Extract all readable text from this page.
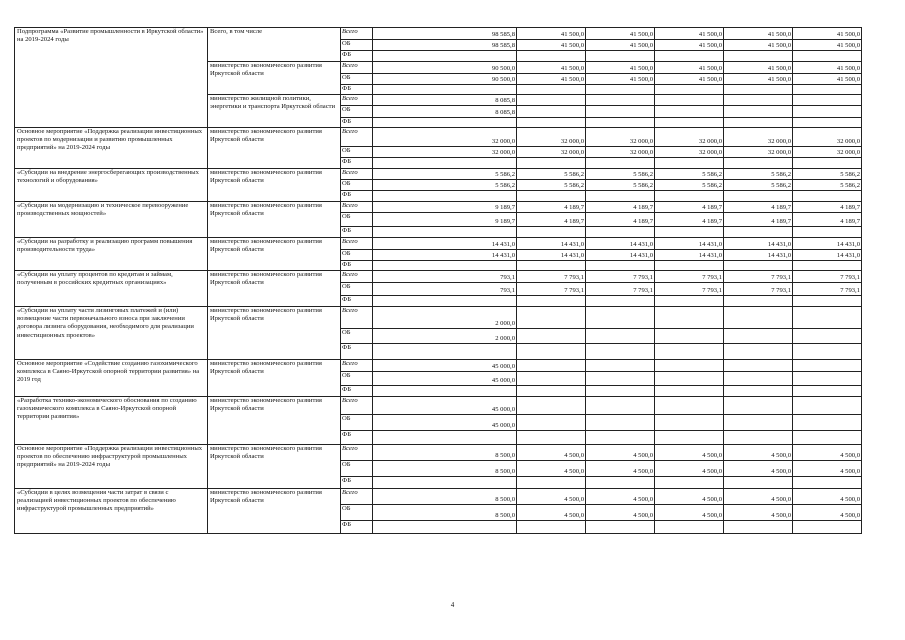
Подпрограмма «Развитие промышленности в Иркутской области» на 2019-2024 годы	Всего, в том числе	Всего	98 585,8	41 500,0	41 500,0	41 500,0	41 500,0	41 500,0
		ОБ	98 585,8	41 500,0	41 500,0	41 500,0	41 500,0	41 500,0
		ФБ						
	министерство экономического развития Иркутской области	Всего	90 500,0	41 500,0	41 500,0	41 500,0	41 500,0	41 500,0
		ОБ	90 500,0	41 500,0	41 500,0	41 500,0	41 500,0	41 500,0
		ФБ						
	министерство жилищной политики, энергетики и транспорта Иркутской области	Всего	8 085,8					
		ОБ	8 085,8					
		ФБ						
Основное мероприятие «Поддержка реализации инвестиционных проектов по модернизации и развитию промышленных предприятий» на 2019-2024 годы	министерство экономического развития Иркутской области	Всего	32 000,0	32 000,0	32 000,0	32 000,0	32 000,0	32 000,0
		ОБ	32 000,0	32 000,0	32 000,0	32 000,0	32 000,0	32 000,0
		ФБ						
«Субсидии на внедрение энергосберегающих производственных технологий и оборудования»	министерство экономического развития Иркутской области	Всего	5 586,2	5 586,2	5 586,2	5 586,2	5 586,2	5 586,2
		ОБ	5 586,2	5 586,2	5 586,2	5 586,2	5 586,2	5 586,2
		ФБ						
«Субсидии на модернизацию и техническое перевооружение производственных мощностей»	министерство экономического развития Иркутской области	Всего	9 189,7	4 189,7	4 189,7	4 189,7	4 189,7	4 189,7
		ОБ	9 189,7	4 189,7	4 189,7	4 189,7	4 189,7	4 189,7
		ФБ						
«Субсидии на разработку и реализацию программ повышения производительности труда»	министерство экономического развития Иркутской области	Всего	14 431,0	14 431,0	14 431,0	14 431,0	14 431,0	14 431,0
		ОБ	14 431,0	14 431,0	14 431,0	14 431,0	14 431,0	14 431,0
		ФБ						
«Субсидии на уплату процентов по кредитам и займам, полученным в российских кредитных организациях»	министерство экономического развития Иркутской области	Всего	793,1	7 793,1	7 793,1	7 793,1	7 793,1	7 793,1
		ОБ	793,1	7 793,1	7 793,1	7 793,1	7 793,1	7 793,1
		ФБ						
«Субсидии на уплату части лизинговых платежей и (или) возмещение части первоначального взноса при заключении договора лизинга оборудования, необходимого для реализации инвестиционных проектов»	министерство экономического развития Иркутской области	Всего	2 000,0					
		ОБ	2 000,0					
		ФБ						
Основное мероприятие «Содействие созданию газохимического комплекса в Саяно-Иркутской опорной территории развития» на 2019 год	министерство экономического развития Иркутской области	Всего	45 000,0					
		ОБ	45 000,0					
		ФБ						
«Разработка технико-экономического обоснования по созданию газохимического комплекса в Саяно-Иркутской опорной территории развития»	министерство экономического развития Иркутской области	Всего	45 000,0					
		ОБ	45 000,0					
		ФБ						
Основное мероприятие «Поддержка реализации инвестиционных проектов по обеспечению инфраструктурой промышленных предприятий» на 2019-2024 годы	министерство экономического развития Иркутской области	Всего	8 500,0	4 500,0	4 500,0	4 500,0	4 500,0	4 500,0
		ОБ	8 500,0	4 500,0	4 500,0	4 500,0	4 500,0	4 500,0
		ФБ						
«Субсидии в целях возмещения части затрат в связи с реализацией инвестиционных проектов по обеспечению инфраструктурой промышленных предприятий»	министерство экономического развития Иркутской области	Всего	8 500,0	4 500,0	4 500,0	4 500,0	4 500,0	4 500,0
		ОБ	8 500,0	4 500,0	4 500,0	4 500,0	4 500,0	4 500,0
		ФБ						
4
